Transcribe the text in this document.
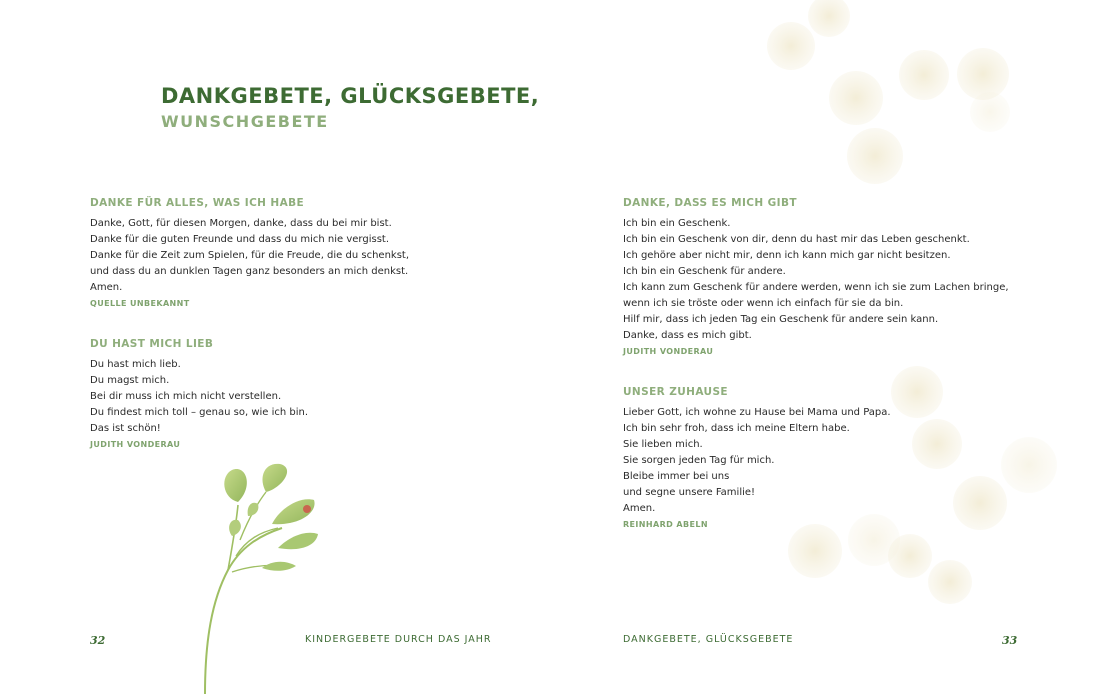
DANKGEBETE, GLÜCKSGEBETE,
WUNSCHGEBETE
DANKE FÜR ALLES, WAS ICH HABE
Danke, Gott, für diesen Morgen, danke, dass du bei mir bist.
Danke für die guten Freunde und dass du mich nie vergisst.
Danke für die Zeit zum Spielen, für die Freude, die du schenkst,
und dass du an dunklen Tagen ganz besonders an mich denkst.
Amen.
QUELLE UNBEKANNT
DU HAST MICH LIEB
Du hast mich lieb.
Du magst mich.
Bei dir muss ich mich nicht verstellen.
Du findest mich toll – genau so, wie ich bin.
Das ist schön!
JUDITH VONDERAU
DANKE, DASS ES MICH GIBT
Ich bin ein Geschenk.
Ich bin ein Geschenk von dir, denn du hast mir das Leben geschenkt.
Ich gehöre aber nicht mir, denn ich kann mich gar nicht besitzen.
Ich bin ein Geschenk für andere.
Ich kann zum Geschenk für andere werden, wenn ich sie zum Lachen bringe,
wenn ich sie tröste oder wenn ich einfach für sie da bin.
Hilf mir, dass ich jeden Tag ein Geschenk für andere sein kann.
Danke, dass es mich gibt.
JUDITH VONDERAU
UNSER ZUHAUSE
Lieber Gott, ich wohne zu Hause bei Mama und Papa.
Ich bin sehr froh, dass ich meine Eltern habe.
Sie lieben mich.
Sie sorgen jeden Tag für mich.
Bleibe immer bei uns
und segne unsere Familie!
Amen.
REINHARD ABELN
32	KINDERGEBETE DURCH DAS JAHR	DANKGEBETE, GLÜCKSGEBETE	33
